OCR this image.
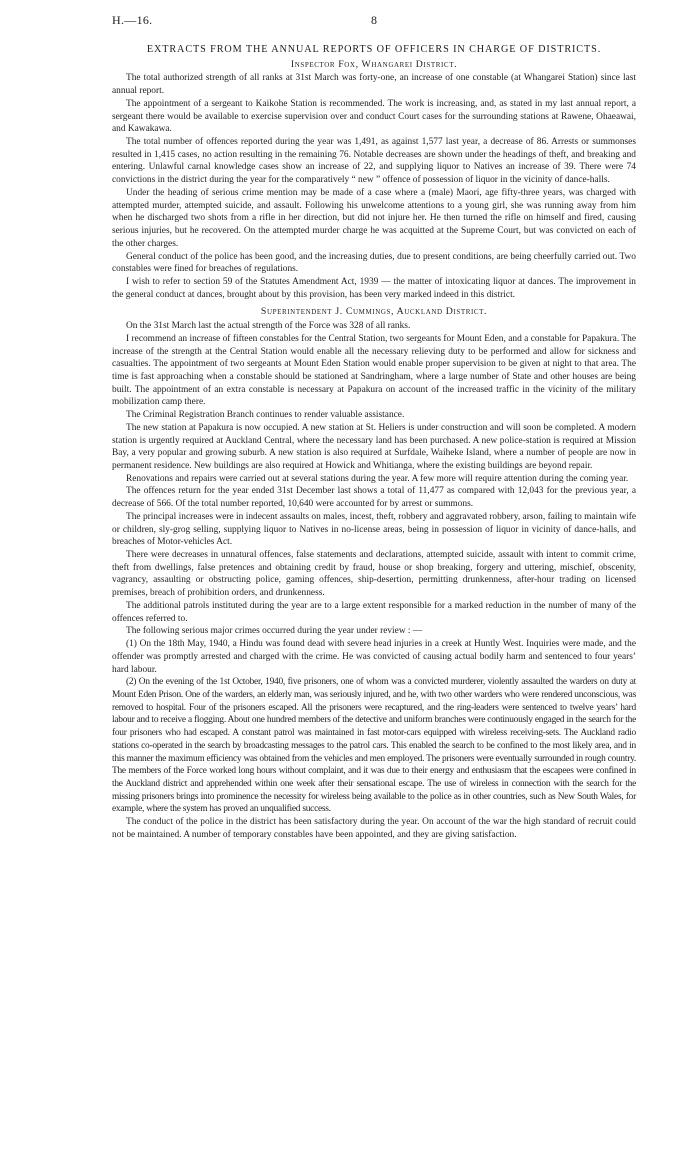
H.—16.	8
EXTRACTS FROM THE ANNUAL REPORTS OF OFFICERS IN CHARGE OF DISTRICTS.
Inspector Fox, Whangarei District.

The total authorized strength of all ranks at 31st March was forty-one, an increase of one constable (at Whangarei Station) since last annual report.

The appointment of a sergeant to Kaikohe Station is recommended. The work is increasing, and, as stated in my last annual report, a sergeant there would be available to exercise supervision over and conduct Court cases for the surrounding stations at Rawene, Ohaeawai, and Kawakawa.

The total number of offences reported during the year was 1,491, as against 1,577 last year, a decrease of 86. Arrests or summonses resulted in 1,415 cases, no action resulting in the remaining 76. Notable decreases are shown under the headings of theft, and breaking and entering. Unlawful carnal knowledge cases show an increase of 22, and supplying liquor to Natives an increase of 39. There were 74 convictions in the district during the year for the comparatively “ new ” offence of possession of liquor in the vicinity of dance-halls.

Under the heading of serious crime mention may be made of a case where a (male) Maori, age fifty-three years, was charged with attempted murder, attempted suicide, and assault. Following his unwelcome attentions to a young girl, she was running away from him when he discharged two shots from a rifle in her direction, but did not injure her. He then turned the rifle on himself and fired, causing serious injuries, but he recovered. On the attempted murder charge he was acquitted at the Supreme Court, but was convicted on each of the other charges.

General conduct of the police has been good, and the increasing duties, due to present conditions, are being cheerfully carried out. Two constables were fined for breaches of regulations.

I wish to refer to section 59 of the Statutes Amendment Act, 1939 — the matter of intoxicating liquor at dances. The improvement in the general conduct at dances, brought about by this provision, has been very marked indeed in this district.

Superintendent J. Cummings, Auckland District.

On the 31st March last the actual strength of the Force was 328 of all ranks.

I recommend an increase of fifteen constables for the Central Station, two sergeants for Mount Eden, and a constable for Papakura. The increase of the strength at the Central Station would enable all the necessary relieving duty to be performed and allow for sickness and casualties. The appointment of two sergeants at Mount Eden Station would enable proper supervision to be given at night to that area. The time is fast approaching when a constable should be stationed at Sandringham, where a large number of State and other houses are being built. The appointment of an extra constable is necessary at Papakura on account of the increased traffic in the vicinity of the military mobilization camp there.

The Criminal Registration Branch continues to render valuable assistance.

The new station at Papakura is now occupied. A new station at St. Heliers is under construction and will soon be completed. A modern station is urgently required at Auckland Central, where the necessary land has been purchased. A new police-station is required at Mission Bay, a very popular and growing suburb. A new station is also required at Surfdale, Waiheke Island, where a number of people are now in permanent residence. New buildings are also required at Howick and Whitianga, where the existing buildings are beyond repair.

Renovations and repairs were carried out at several stations during the year. A few more will require attention during the coming year.

The offences return for the year ended 31st December last shows a total of 11,477 as compared with 12,043 for the previous year, a decrease of 566. Of the total number reported, 10,640 were accounted for by arrest or summons.

The principal increases were in indecent assaults on males, incest, theft, robbery and aggravated robbery, arson, failing to maintain wife or children, sly-grog selling, supplying liquor to Natives in no-license areas, being in possession of liquor in vicinity of dance-halls, and breaches of Motor-vehicles Act.

There were decreases in unnatural offences, false statements and declarations, attempted suicide, assault with intent to commit crime, theft from dwellings, false pretences and obtaining credit by fraud, house or shop breaking, forgery and uttering, mischief, obscenity, vagrancy, assaulting or obstructing police, gaming offences, ship-desertion, permitting drunkenness, after-hour trading on licensed premises, breach of prohibition orders, and drunkenness.

The additional patrols instituted during the year are to a large extent responsible for a marked reduction in the number of many of the offences referred to.

The following serious major crimes occurred during the year under review : —

(1) On the 18th May, 1940, a Hindu was found dead with severe head injuries in a creek at Huntly West. Inquiries were made, and the offender was promptly arrested and charged with the crime. He was convicted of causing actual bodily harm and sentenced to four years’ hard labour.

(2) On the evening of the 1st October, 1940, five prisoners, one of whom was a convicted murderer, violently assaulted the warders on duty at Mount Eden Prison. One of the warders, an elderly man, was seriously injured, and he, with two other warders who were rendered unconscious, was removed to hospital. Four of the prisoners escaped. All the prisoners were recaptured, and the ring-leaders were sentenced to twelve years’ hard labour and to receive a flogging. About one hundred members of the detective and uniform branches were continuously engaged in the search for the four prisoners who had escaped. A constant patrol was maintained in fast motor-cars equipped with wireless receiving-sets. The Auckland radio stations co-operated in the search by broadcasting messages to the patrol cars. This enabled the search to be confined to the most likely area, and in this manner the maximum efficiency was obtained from the vehicles and men employed. The prisoners were eventually surrounded in rough country. The members of the Force worked long hours without complaint, and it was due to their energy and enthusiasm that the escapees were confined in the Auckland district and apprehended within one week after their sensational escape. The use of wireless in connection with the search for the missing prisoners brings into prominence the necessity for wireless being available to the police as in other countries, such as New South Wales, for example, where the system has proved an unqualified success.

The conduct of the police in the district has been satisfactory during the year. On account of the war the high standard of recruit could not be maintained. A number of temporary constables have been appointed, and they are giving satisfaction.
